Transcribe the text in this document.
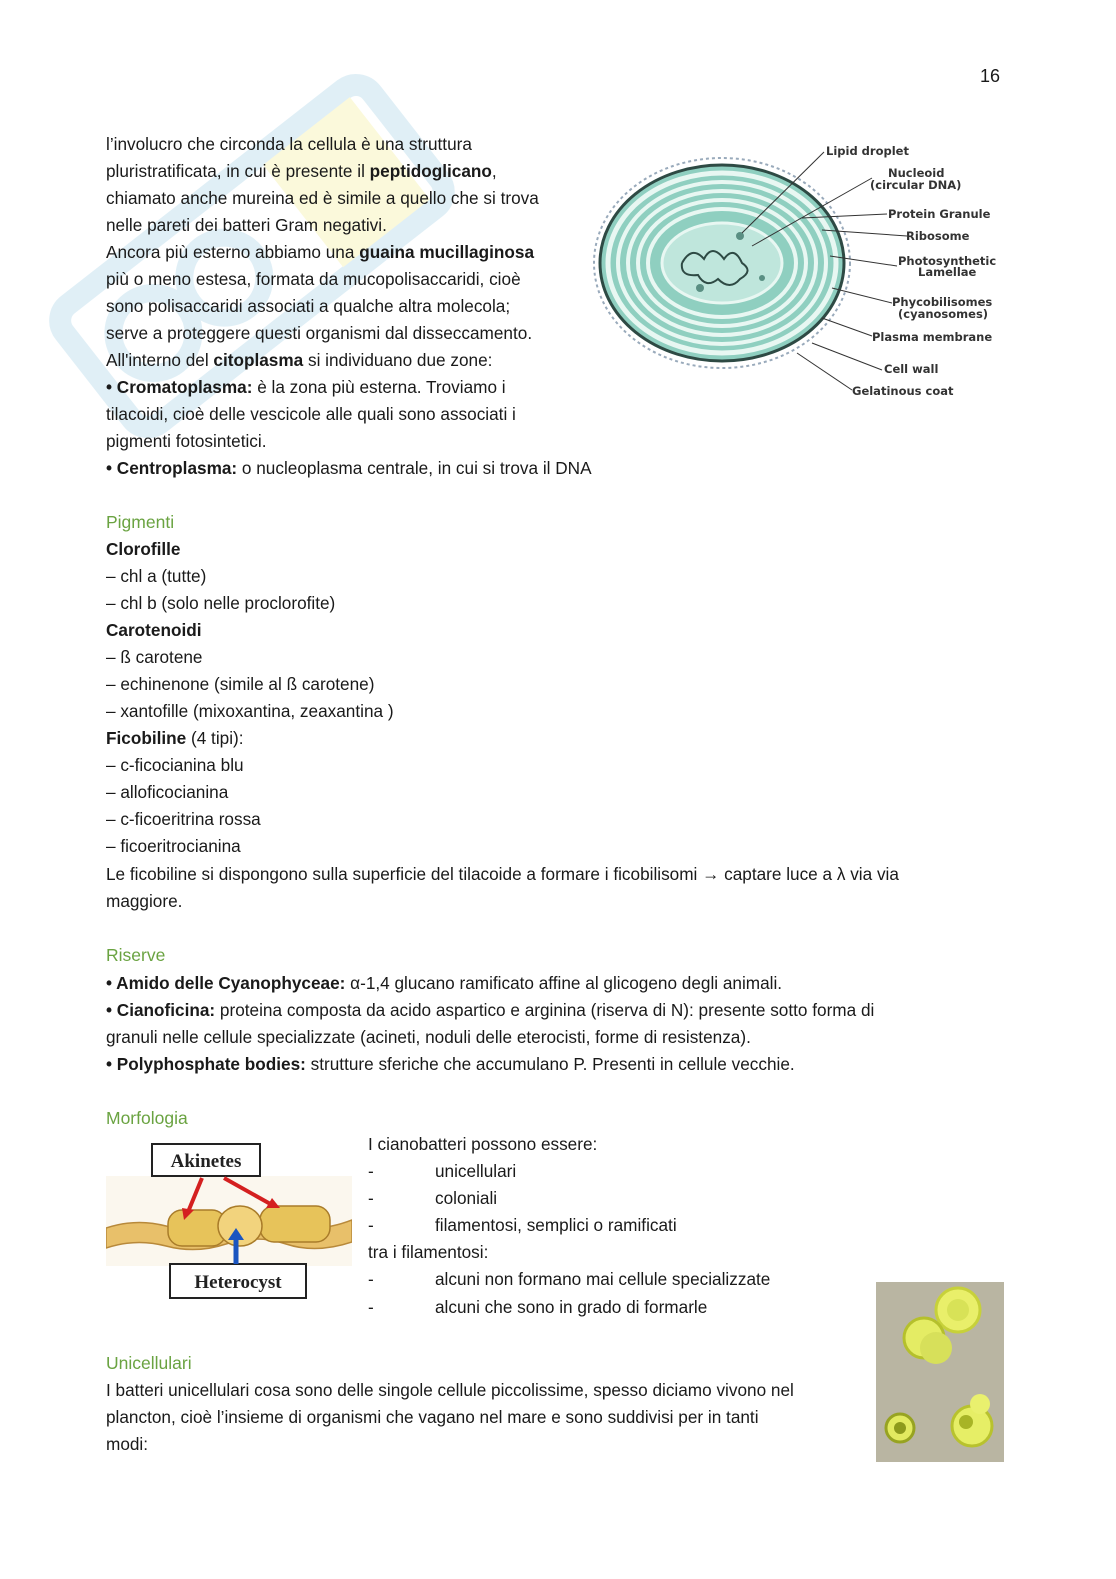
16
l’involucro che circonda la cellula è una struttura
pluristratificata, in cui è presente il peptidoglicano,
chiamato anche mureina ed è simile a quello che si trova
nelle pareti dei batteri Gram negativi.
Ancora più esterno abbiamo una guaina mucillaginosa
più o meno estesa, formata da mucopolisaccaridi, cioè
sono polisaccaridi associati a qualche altra molecola;
serve a proteggere questi organismi dal disseccamento.
All'interno del citoplasma si individuano due zone:
• Cromatoplasma: è la zona più esterna. Troviamo i
tilacoidi, cioè delle vescicole alle quali sono associati i
pigmenti fotosintetici.
• Centroplasma: o nucleoplasma centrale, in cui si trova il DNA
Lipid droplet
Nucleoid
(circular DNA)
Protein Granule
Ribosome
Photosynthetic
Lamellae
Phycobilisomes
(cyanosomes)
Plasma membrane
Cell wall
Gelatinous coat
Pigmenti
Clorofille
– chl a (tutte)
– chl b (solo nelle proclorofite)
Carotenoidi
– ß carotene
– echinenone (simile al ß carotene)
– xantofille (mixoxantina, zeaxantina )
Ficobiline (4 tipi):
– c-ficocianina blu
– alloficocianina
– c-ficoeritrina rossa
– ficoeritrocianina
Le ficobiline si dispongono sulla superficie del tilacoide a formare i ficobilisomi → captare luce a λ via via
maggiore.
Riserve
• Amido delle Cyanophyceae: α-1,4 glucano ramificato affine al glicogeno degli animali.
• Cianoficina: proteina composta da acido aspartico e arginina (riserva di N): presente sotto forma di
granuli nelle cellule specializzate (acineti, noduli delle eterocisti, forme di resistenza).
• Polyphosphate bodies: strutture sferiche che accumulano P. Presenti in cellule vecchie.
Morfologia
Akinetes
Heterocyst
I cianobatteri possono essere:
-	unicellulari
-	coloniali
-	filamentosi, semplici o ramificati
tra i filamentosi:
-	alcuni non formano mai cellule specializzate
-	alcuni che sono in grado di formarle
Unicellulari
I batteri unicellulari cosa sono delle singole cellule piccolissime, spesso diciamo vivono nel
plancton, cioè l’insieme di organismi che vagano nel mare e sono suddivisi per in tanti
modi:
